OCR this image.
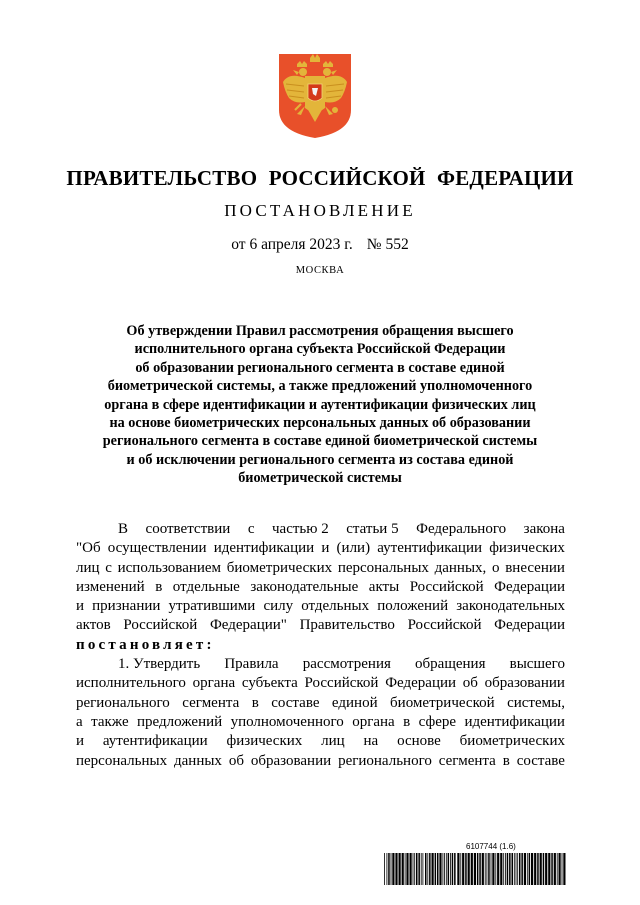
ПРАВИТЕЛЬСТВО РОССИЙСКОЙ ФЕДЕРАЦИИ
ПОСТАНОВЛЕНИЕ
от 6 апреля 2023 г. № 552
МОСКВА
Об утверждении Правил рассмотрения обращения высшего
исполнительного органа субъекта Российской Федерации
об образовании регионального сегмента в составе единой
биометрической системы, а также предложений уполномоченного
органа в сфере идентификации и аутентификации физических лиц
на основе биометрических персональных данных об образовании
регионального сегмента в составе единой биометрической системы
и об исключении регионального сегмента из состава единой
биометрической системы
В соответствии с частью 2 статьи 5 Федерального закона
"Об осуществлении идентификации и (или) аутентификации физических
лиц с использованием биометрических персональных данных, о внесении
изменений в отдельные законодательные акты Российской Федерации
и признании утратившими силу отдельных положений законодательных
актов Российской Федерации" Правительство Российской Федерации
постановляет:
1. Утвердить Правила рассмотрения обращения высшего
исполнительного органа субъекта Российской Федерации об образовании
регионального сегмента в составе единой биометрической системы,
а также предложений уполномоченного органа в сфере идентификации
и аутентификации физических лиц на основе биометрических
персональных данных об образовании регионального сегмента в составе
6107744 (1.6)
